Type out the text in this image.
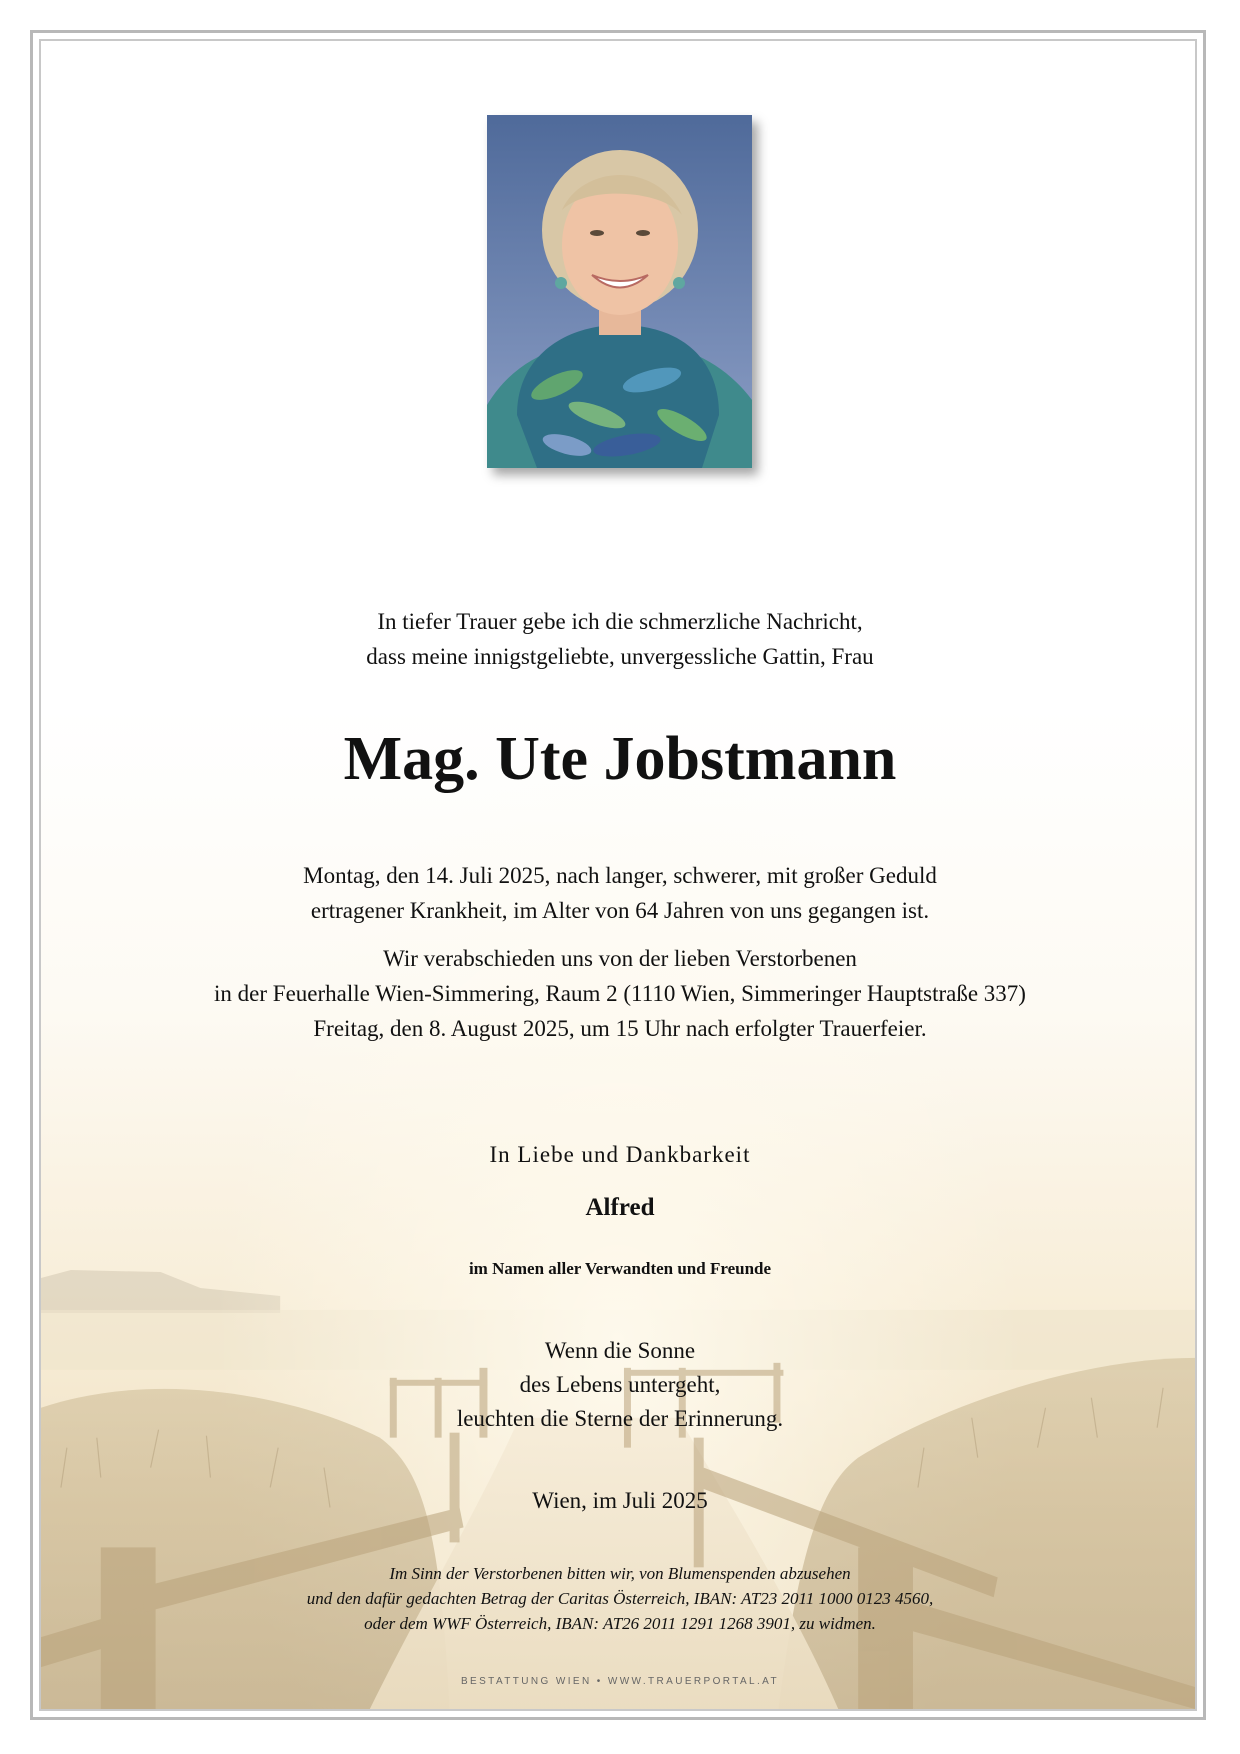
In tiefer Trauer gebe ich die schmerzliche Nachricht,
dass meine innigstgeliebte, unvergessliche Gattin, Frau
Mag. Ute Jobstmann
Montag, den 14. Juli 2025, nach langer, schwerer, mit großer Geduld
ertragener Krankheit, im Alter von 64 Jahren von uns gegangen ist.
Wir verabschieden uns von der lieben Verstorbenen
in der Feuerhalle Wien-Simmering, Raum 2 (1110 Wien, Simmeringer Hauptstraße 337)
Freitag, den 8. August 2025, um 15 Uhr nach erfolgter Trauerfeier.
In Liebe und Dankbarkeit
Alfred
im Namen aller Verwandten und Freunde
Wenn die Sonne
des Lebens untergeht,
leuchten die Sterne der Erinnerung.
Wien, im Juli 2025
Im Sinn der Verstorbenen bitten wir, von Blumenspenden abzusehen
und den dafür gedachten Betrag der Caritas Österreich, IBAN: AT23 2011 1000 0123 4560,
oder dem WWF Österreich, IBAN: AT26 2011 1291 1268 3901, zu widmen.
BESTATTUNG WIEN • WWW.TRAUERPORTAL.AT
